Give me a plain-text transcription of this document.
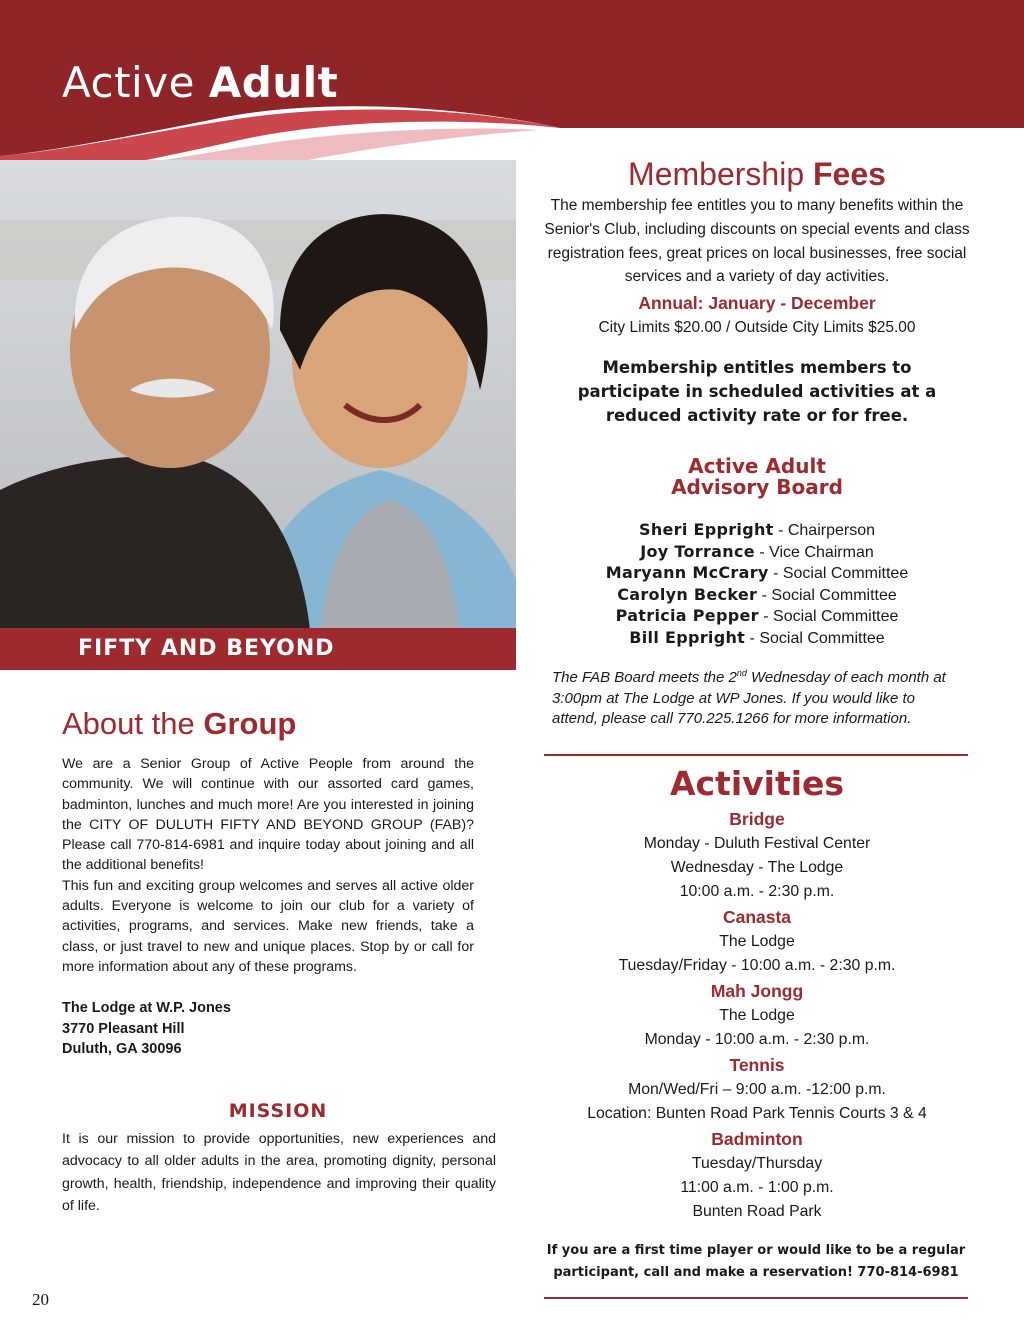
Active Adult
FIFTY AND BEYOND
About the Group

We are a Senior Group of Active People from around the community. We will continue with our assorted card games, badminton, lunches and much more! Are you interested in joining the CITY OF DULUTH FIFTY AND BEYOND GROUP (FAB)? Please call 770-814-6981 and inquire today about joining and all the additional benefits!

This fun and exciting group welcomes and serves all active older adults. Everyone is welcome to join our club for a variety of activities, programs, and services. Make new friends, take a class, or just travel to new and unique places. Stop by or call for more information about any of these programs.

The Lodge at W.P. Jones
3770 Pleasant Hill
Duluth, GA 30096
MISSION
It is our mission to provide opportunities, new experiences and advocacy to all older adults in the area, promoting dignity, personal growth, health, friendship, independence and improving their quality of life.
Membership Fees
The membership fee entitles you to many benefits within the Senior's Club, including discounts on special events and class registration fees, great prices on local businesses, free social services and a variety of day activities.
Annual: January - December
City Limits $20.00 / Outside City Limits $25.00
Membership entitles members to participate in scheduled activities at a reduced activity rate or for free.
Active Adult
Advisory Board
Sheri Eppright - Chairperson
Joy Torrance - Vice Chairman
Maryann McCrary - Social Committee
Carolyn Becker - Social Committee
Patricia Pepper - Social Committee
Bill Eppright - Social Committee
The FAB Board meets the 2nd Wednesday of each month at 3:00pm at The Lodge at WP Jones. If you would like to attend, please call 770.225.1266 for more information.
Activities
Bridge
Monday - Duluth Festival Center
Wednesday - The Lodge
10:00 a.m. - 2:30 p.m.
Canasta
The Lodge
Tuesday/Friday - 10:00 a.m. - 2:30 p.m.
Mah Jongg
The Lodge
Monday - 10:00 a.m. - 2:30 p.m.
Tennis
Mon/Wed/Fri – 9:00 a.m. -12:00 p.m.
Location: Bunten Road Park Tennis Courts 3 & 4
Badminton
Tuesday/Thursday
11:00 a.m. - 1:00 p.m.
Bunten Road Park
If you are a first time player or would like to be a regular participant, call and make a reservation! 770-814-6981
20
